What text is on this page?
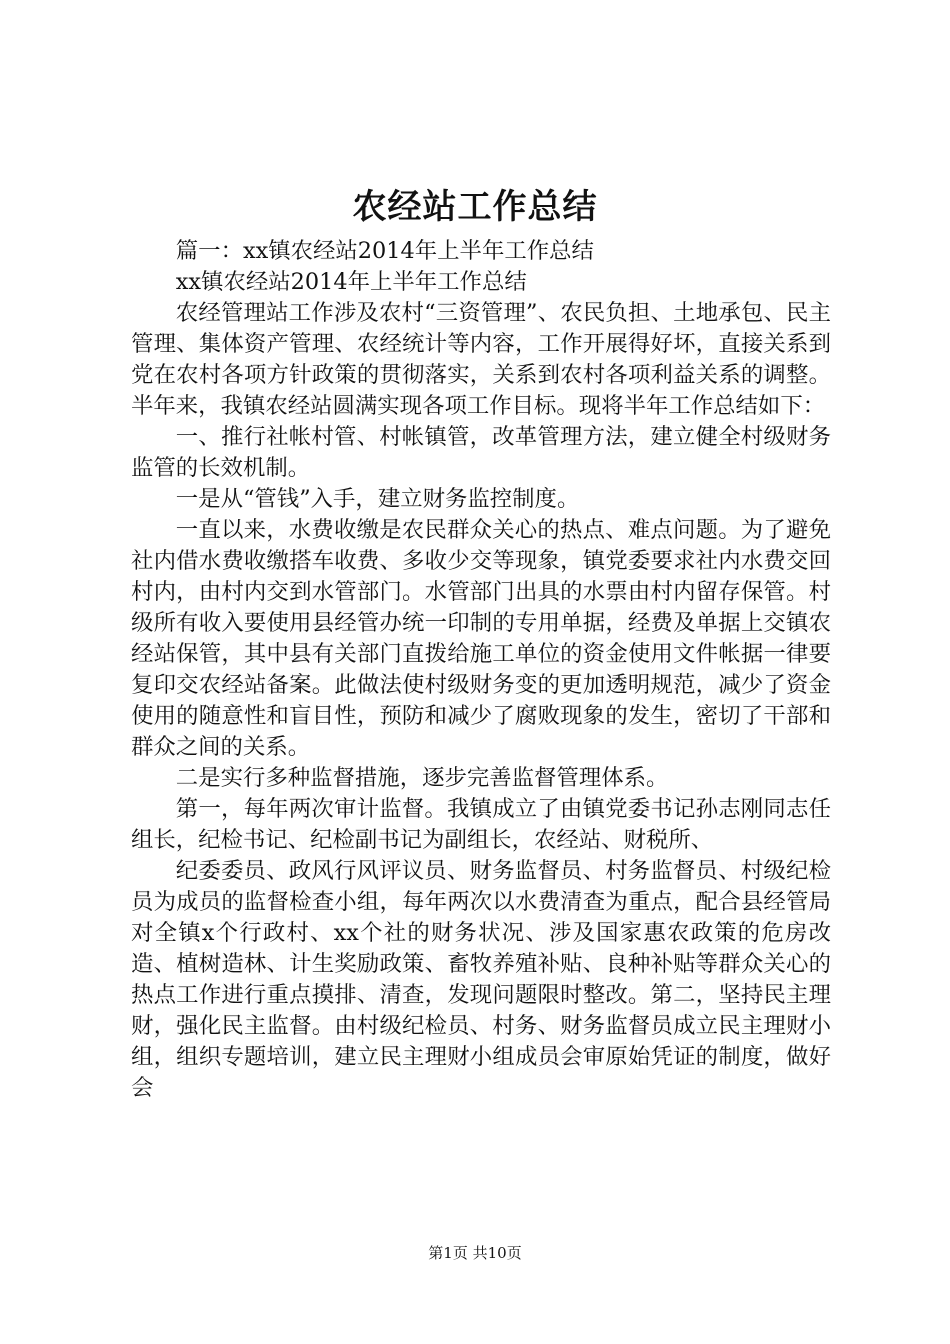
农经站工作总结

篇一：xx镇农经站2014年上半年工作总结

xx镇农经站2014年上半年工作总结

农经管理站工作涉及农村“三资管理”、农民负担、土地承包、民主管理、集体资产管理、农经统计等内容，工作开展得好坏，直接关系到党在农村各项方针政策的贯彻落实，关系到农村各项利益关系的调整。半年来，我镇农经站圆满实现各项工作目标。现将半年工作总结如下：

一、推行社帐村管、村帐镇管，改革管理方法，建立健全村级财务监管的长效机制。

一是从“管钱”入手，建立财务监控制度。

一直以来，水费收缴是农民群众关心的热点、难点问题。为了避免社内借水费收缴搭车收费、多收少交等现象，镇党委要求社内水费交回村内，由村内交到水管部门。水管部门出具的水票由村内留存保管。村级所有收入要使用县经管办统一印制的专用单据，经费及单据上交镇农经站保管，其中县有关部门直拨给施工单位的资金使用文件帐据一律要复印交农经站备案。此做法使村级财务变的更加透明规范，减少了资金使用的随意性和盲目性，预防和减少了腐败现象的发生，密切了干部和群众之间的关系。

二是实行多种监督措施，逐步完善监督管理体系。

第一，每年两次审计监督。我镇成立了由镇党委书记孙志刚同志任组长，纪检书记、纪检副书记为副组长，农经站、财税所、

纪委委员、政风行风评议员、财务监督员、村务监督员、村级纪检员为成员的监督检查小组，每年两次以水费清查为重点，配合县经管局对全镇x个行政村、xx个社的财务状况、涉及国家惠农政策的危房改造、植树造林、计生奖励政策、畜牧养殖补贴、良种补贴等群众关心的热点工作进行重点摸排、清查，发现问题限时整改。第二，坚持民主理财，强化民主监督。由村级纪检员、村务、财务监督员成立民主理财小组，组织专题培训，建立民主理财小组成员会审原始凭证的制度，做好会

第1页 共10页
